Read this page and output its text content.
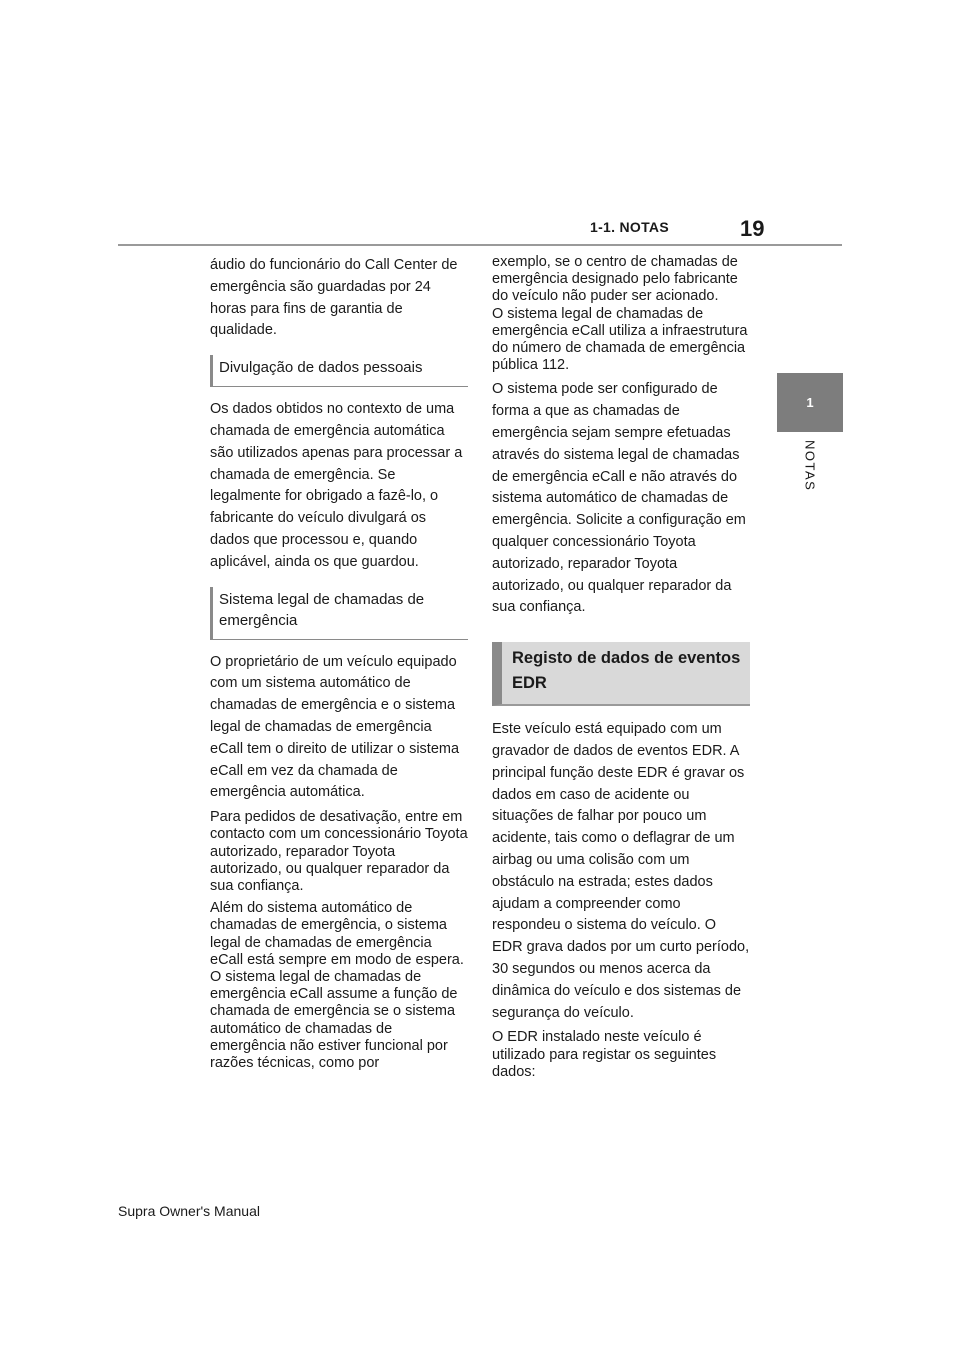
1-1. NOTAS	19
1
NOTAS

áudio do funcionário do Call Center de emergência são guardadas por 24 horas para fins de garantia de qualidade.

Divulgação de dados pessoais

Os dados obtidos no contexto de uma chamada de emergência automática são utilizados apenas para processar a chamada de emergência. Se legalmente for obrigado a fazê-lo, o fabricante do veículo divulgará os dados que processou e, quando aplicável, ainda os que guardou.

Sistema legal de chamadas de emergência

O proprietário de um veículo equipado com um sistema automático de chamadas de emergência e o sistema legal de chamadas de emergência eCall tem o direito de utilizar o sistema eCall em vez da chamada de emergência automática.

Para pedidos de desativação, entre em contacto com um concessionário Toyota autorizado, reparador Toyota autorizado, ou qualquer reparador da sua confiança.

Além do sistema automático de chamadas de emergência, o sistema legal de chamadas de emergência eCall está sempre em modo de espera. O sistema legal de chamadas de emergência eCall assume a função de chamada de emergência se o sistema automático de chamadas de emergência não estiver funcional por razões técnicas, como por

exemplo, se o centro de chamadas de emergência designado pelo fabricante do veículo não puder ser acionado.

O sistema legal de chamadas de emergência eCall utiliza a infraestrutura do número de chamada de emergência pública 112.

O sistema pode ser configurado de forma a que as chamadas de emergência sejam sempre efetuadas através do sistema legal de chamadas de emergência eCall e não através do sistema automático de chamadas de emergência. Solicite a configuração em qualquer concessionário Toyota autorizado, reparador Toyota autorizado, ou qualquer reparador da sua confiança.

Registo de dados de eventos EDR

Este veículo está equipado com um gravador de dados de eventos EDR. A principal função deste EDR é gravar os dados em caso de acidente ou situações de falhar por pouco um acidente, tais como o deflagrar de um airbag ou uma colisão com um obstáculo na estrada; estes dados ajudam a compreender como respondeu o sistema do veículo. O EDR grava dados por um curto período, 30 segundos ou menos acerca da dinâmica do veículo e dos sistemas de segurança do veículo.

O EDR instalado neste veículo é utilizado para registar os seguintes dados:

Supra Owner's Manual
